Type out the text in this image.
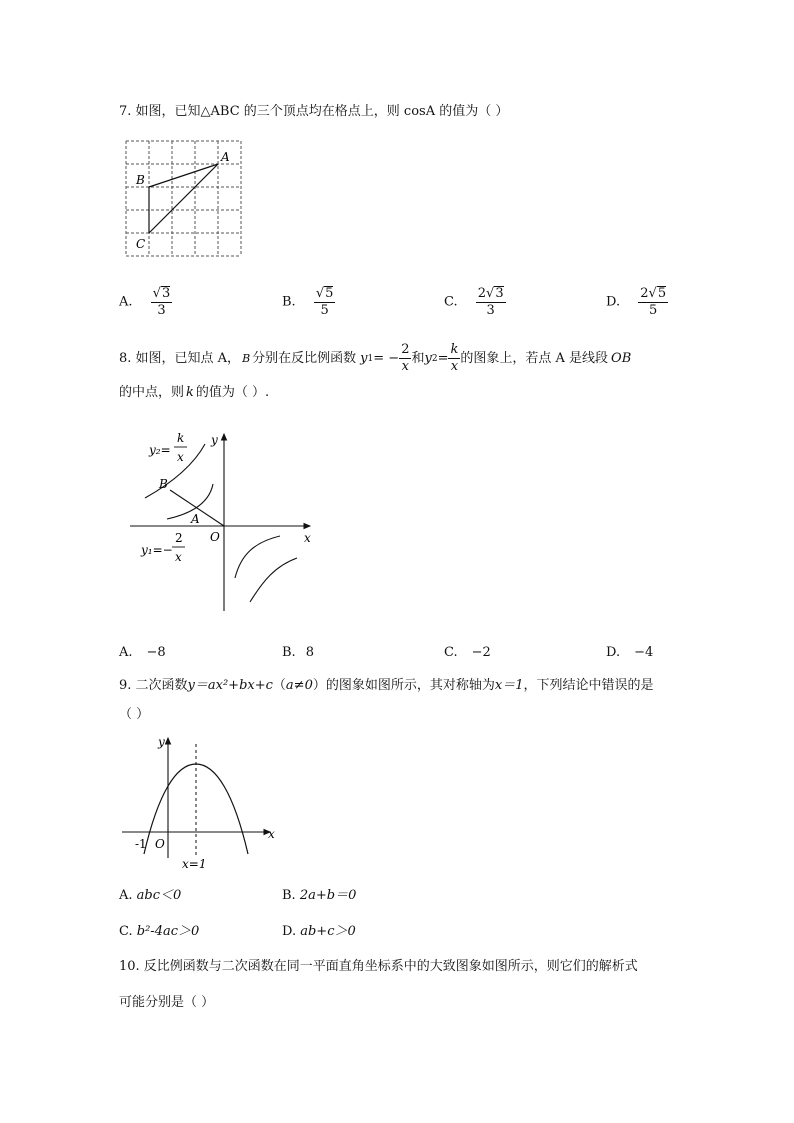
7. 如图，已知△ABC 的三个顶点均在格点上，则 cosA 的值为（ ）
A
B
C
A. $\frac{√3}{3}$	B. $\frac{√5}{5}$	C. $\frac{2√3}{3}$	D. $\frac{2√5}{5}$
8. 如图，已知点 A， B 分别在反比例函数 y 1 = − $\frac{2}{x}$ 和 y $2 = \frac{k}{x}$ 的图象上，若点 A 是线段 OB
的中点，则 k 的值为（ ）.
B
A
O	x
y
y₂=
k
x
y₁=−
2
x
A. −8	B. 8	C. −2	D. −4
9. 二次函数y＝ax²+bx+c（a≠0）的图象如图所示，其对称轴为x＝1，下列结论中错误的是
（ ）
y
x
O
-1
x=1
A. abc＜0	B. 2a+b＝0
C. b²-4ac＞0	D. ab+c＞0
10. 反比例函数与二次函数在同一平面直角坐标系中的大致图象如图所示，则它们的解析式
可能分别是（ ）
